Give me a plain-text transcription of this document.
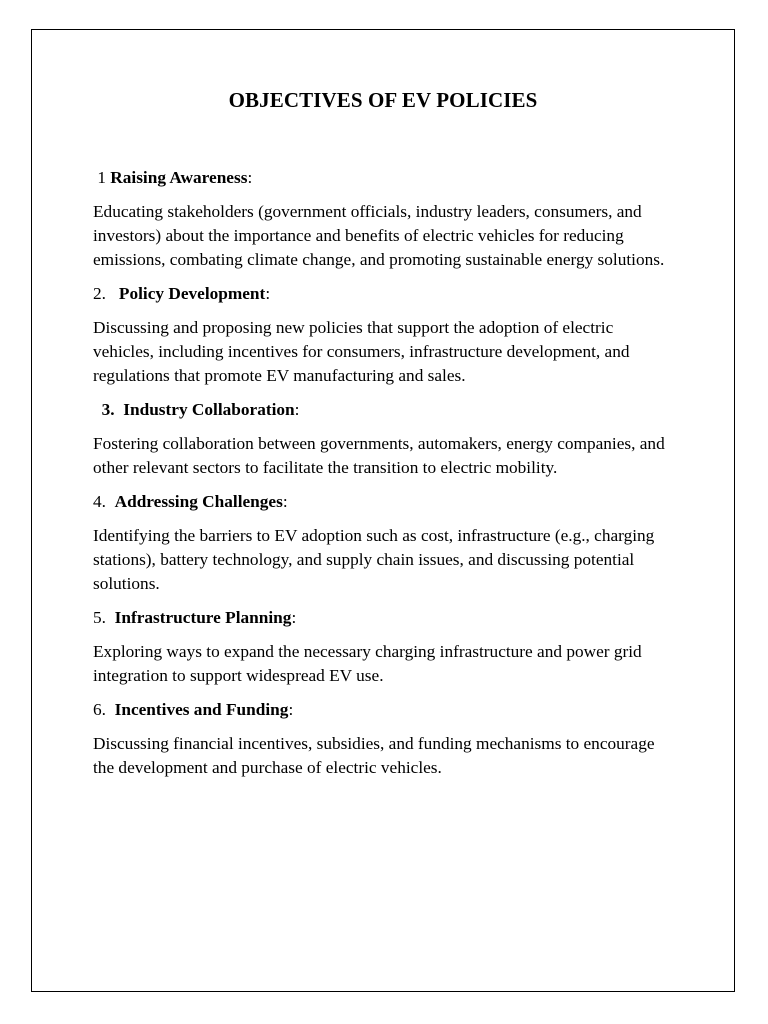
OBJECTIVES OF EV POLICIES

1 Raising Awareness:

Educating stakeholders (government officials, industry leaders, consumers, and investors) about the importance and benefits of electric vehicles for reducing emissions, combating climate change, and promoting sustainable energy solutions.

2.   Policy Development:

Discussing and proposing new policies that support the adoption of electric vehicles, including incentives for consumers, infrastructure development, and regulations that promote EV manufacturing and sales.

3.  Industry Collaboration:

Fostering collaboration between governments, automakers, energy companies, and other relevant sectors to facilitate the transition to electric mobility.

4.  Addressing Challenges:

Identifying the barriers to EV adoption such as cost, infrastructure (e.g., charging stations), battery technology, and supply chain issues, and discussing potential solutions.

5.  Infrastructure Planning:

Exploring ways to expand the necessary charging infrastructure and power grid integration to support widespread EV use.

6.  Incentives and Funding:

Discussing financial incentives, subsidies, and funding mechanisms to encourage the development and purchase of electric vehicles.
